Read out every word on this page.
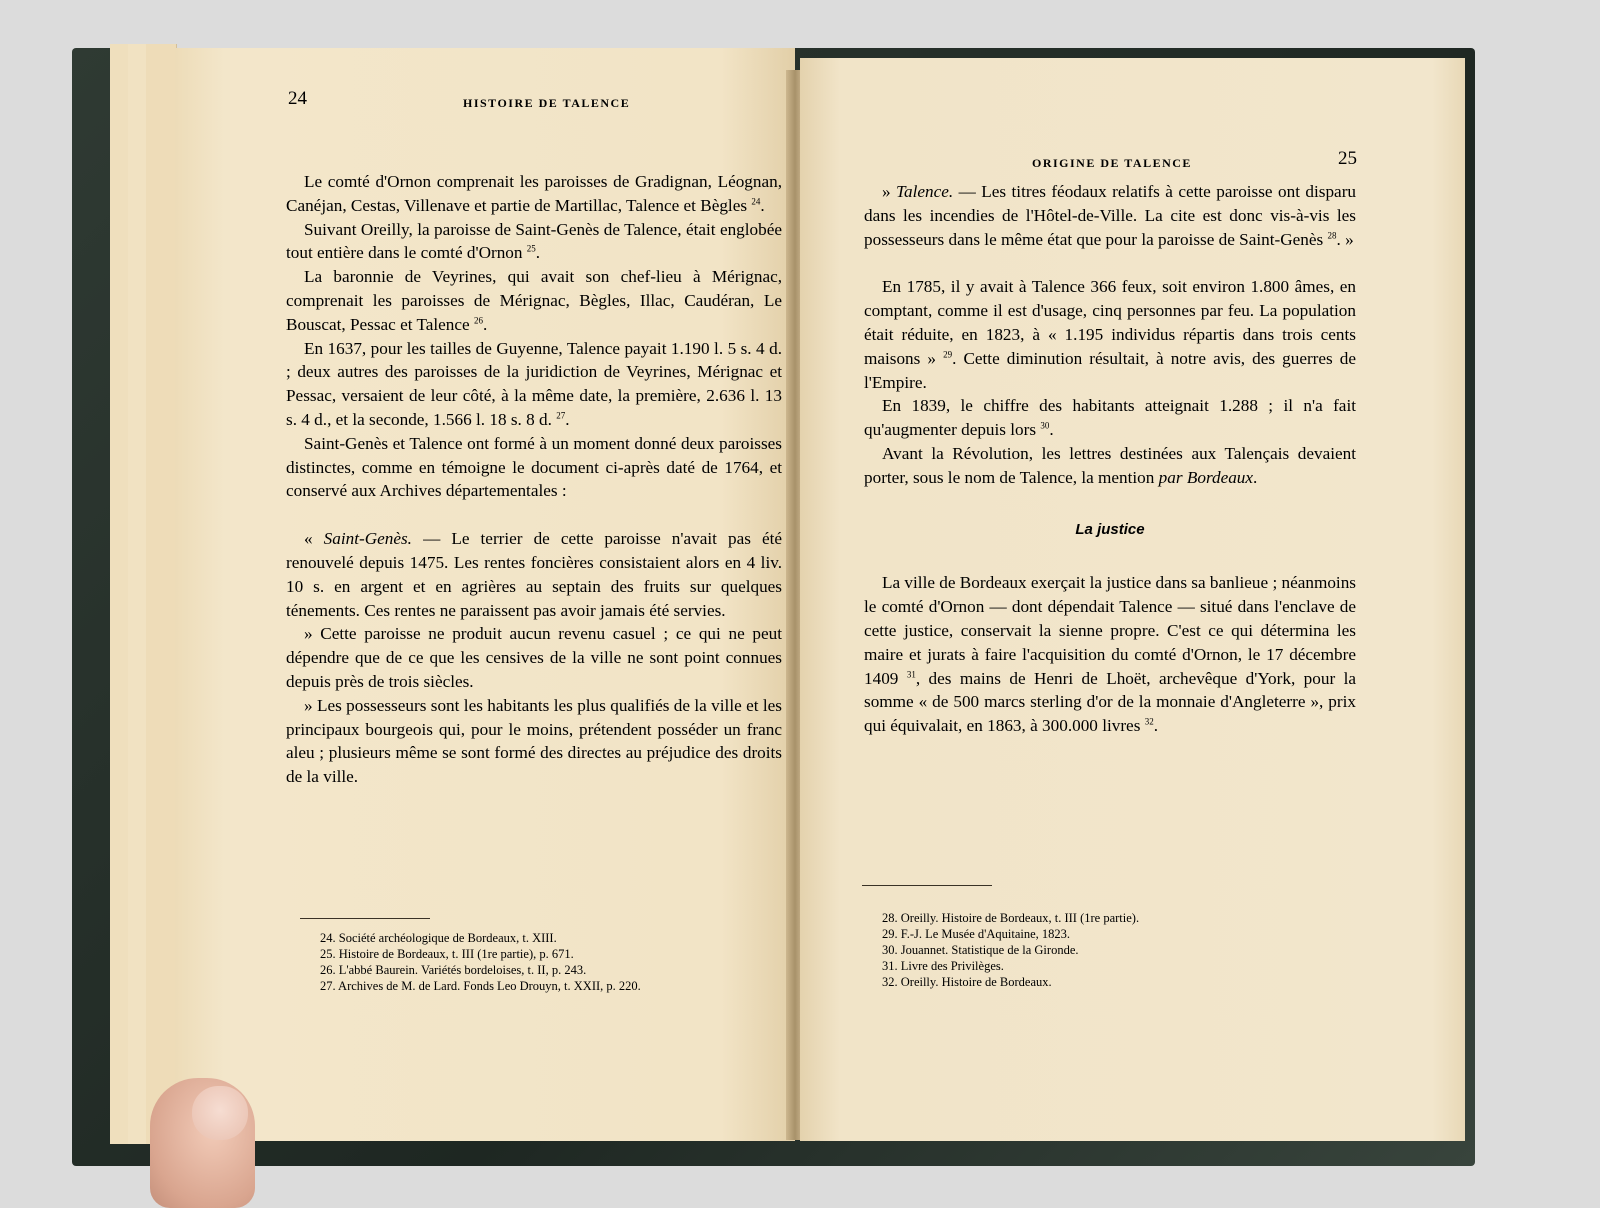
24	HISTOIRE DE TALENCE

Le comté d'Ornon comprenait les paroisses de Gradignan, Léognan, Canéjan, Cestas, Villenave et partie de Martillac, Talence et Bègles $^{24}$.

Suivant Oreilly, la paroisse de Saint-Genès de Talence, était englobée tout entière dans le comté d'Ornon $^{25}$.

La baronnie de Veyrines, qui avait son chef-lieu à Mérignac, comprenait les paroisses de Mérignac, Bègles, Illac, Caudéran, Le Bouscat, Pessac et Talence $^{26}$.

En 1637, pour les tailles de Guyenne, Talence payait 1.190 l. 5 s. 4 d. ; deux autres des paroisses de la juridiction de Veyrines, Mérignac et Pessac, versaient de leur côté, à la même date, la première, 2.636 l. 13 s. 4 d., et la seconde, 1.566 l. 18 s. 8 d. $^{27}$.

Saint-Genès et Talence ont formé à un moment donné deux paroisses distinctes, comme en témoigne le document ci-après daté de 1764, et conservé aux Archives départementales :

« Saint-Genès. — Le terrier de cette paroisse n'avait pas été renouvelé depuis 1475. Les rentes foncières consistaient alors en 4 liv. 10 s. en argent et en agrières au septain des fruits sur quelques ténements. Ces rentes ne paraissent pas avoir jamais été servies.

» Cette paroisse ne produit aucun revenu casuel ; ce qui ne peut dépendre que de ce que les censives de la ville ne sont point connues depuis près de trois siècles.

» Les possesseurs sont les habitants les plus qualifiés de la ville et les principaux bourgeois qui, pour le moins, prétendent posséder un franc aleu ; plusieurs même se sont formé des directes au préjudice des droits de la ville.

24. Société archéologique de Bordeaux, t. XIII.
25. Histoire de Bordeaux, t. III (1re partie), p. 671.
26. L'abbé Baurein. Variétés bordeloises, t. II, p. 243.
27. Archives de M. de Lard. Fonds Leo Drouyn, t. XXII, p. 220.
ORIGINE DE TALENCE	25

» Talence. — Les titres féodaux relatifs à cette paroisse ont disparu dans les incendies de l'Hôtel-de-Ville. La cite est donc vis-à-vis les possesseurs dans le même état que pour la paroisse de Saint-Genès $^{28}$. »

En 1785, il y avait à Talence 366 feux, soit environ 1.800 âmes, en comptant, comme il est d'usage, cinq personnes par feu. La population était réduite, en 1823, à « 1.195 individus répartis dans trois cents maisons » $^{29}$. Cette diminution résultait, à notre avis, des guerres de l'Empire.

En 1839, le chiffre des habitants atteignait 1.288 ; il n'a fait qu'augmenter depuis lors $^{30}$.

Avant la Révolution, les lettres destinées aux Talençais devaient porter, sous le nom de Talence, la mention par Bordeaux.

La justice

La ville de Bordeaux exerçait la justice dans sa banlieue ; néanmoins le comté d'Ornon — dont dépendait Talence — situé dans l'enclave de cette justice, conservait la sienne propre. C'est ce qui détermina les maire et jurats à faire l'acquisition du comté d'Ornon, le 17 décembre 1409 $^{31}$, des mains de Henri de Lhoët, archevêque d'York, pour la somme « de 500 marcs sterling d'or de la monnaie d'Angleterre », prix qui équivalait, en 1863, à 300.000 livres $^{32}$.

28. Oreilly. Histoire de Bordeaux, t. III (1re partie).
29. F.-J. Le Musée d'Aquitaine, 1823.
30. Jouannet. Statistique de la Gironde.
31. Livre des Privilèges.
32. Oreilly. Histoire de Bordeaux.
